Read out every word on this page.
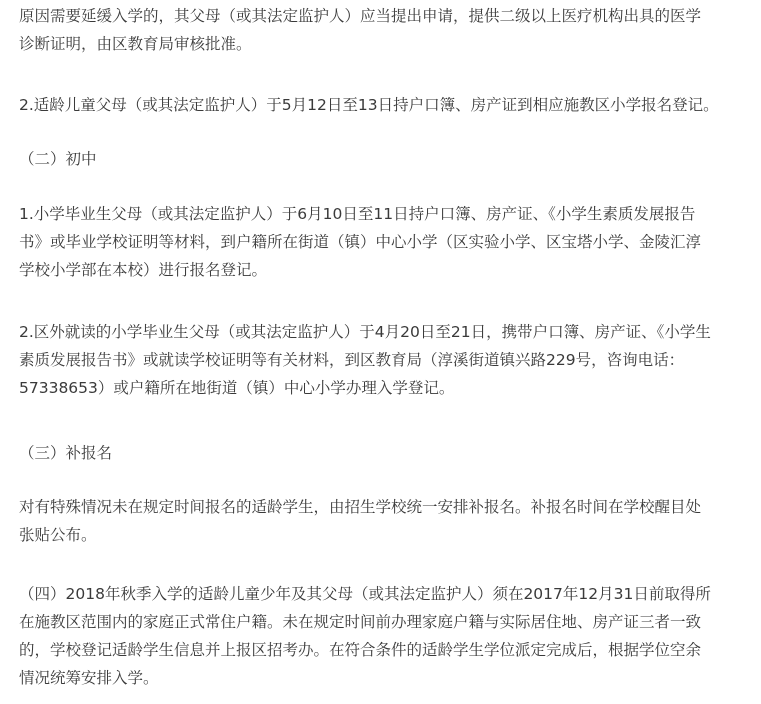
原因需要延缓入学的，其父母（或其法定监护人）应当提出申请，提供二级以上医疗机构出具的医学
诊断证明，由区教育局审核批准。
2.适龄儿童父母（或其法定监护人）于5月12日至13日持户口簿、房产证到相应施教区小学报名登记。
（二）初中
1.小学毕业生父母（或其法定监护人）于6月10日至11日持户口簿、房产证、《小学生素质发展报告
书》或毕业学校证明等材料，到户籍所在街道（镇）中心小学（区实验小学、区宝塔小学、金陵汇淳
学校小学部在本校）进行报名登记。
2.区外就读的小学毕业生父母（或其法定监护人）于4月20日至21日，携带户口簿、房产证、《小学生
素质发展报告书》或就读学校证明等有关材料，到区教育局（淳溪街道镇兴路229号，咨询电话：
57338653）或户籍所在地街道（镇）中心小学办理入学登记。
（三）补报名
对有特殊情况未在规定时间报名的适龄学生，由招生学校统一安排补报名。补报名时间在学校醒目处
张贴公布。
（四）2018年秋季入学的适龄儿童少年及其父母（或其法定监护人）须在2017年12月31日前取得所
在施教区范围内的家庭正式常住户籍。未在规定时间前办理家庭户籍与实际居住地、房产证三者一致
的，学校登记适龄学生信息并上报区招考办。在符合条件的适龄学生学位派定完成后，根据学位空余
情况统筹安排入学。
